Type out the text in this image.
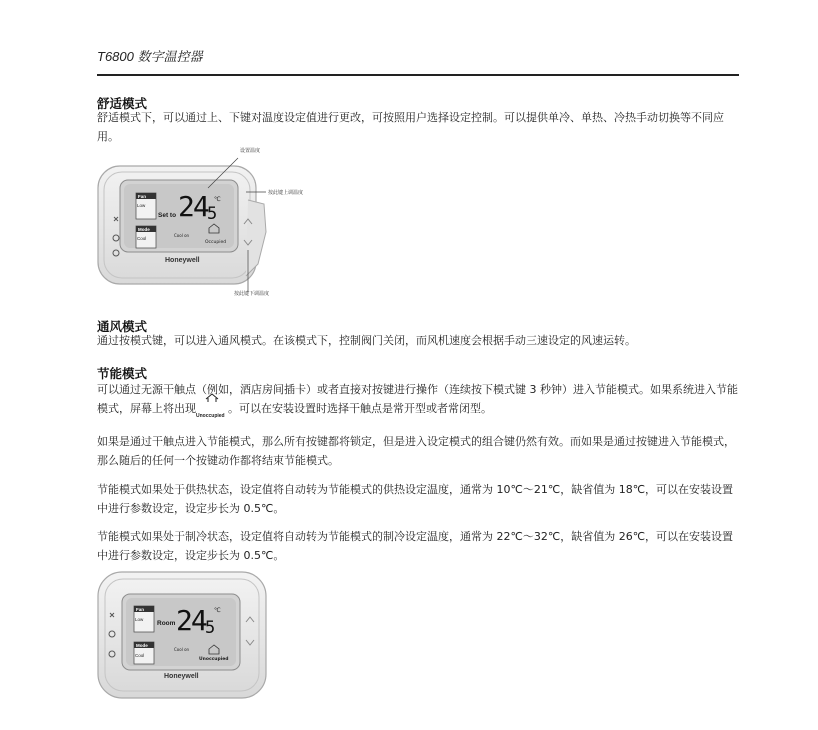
T6800 数字温控器
舒适模式
舒适模式下，可以通过上、下键对温度设定值进行更改，可按照用户选择设定控制。可以提供单冷、单热、冷热手动切换等不同应用。
Fan
Low
Mode
Cool
Set to 24 5
℃
Cool on
Occupied
Honeywell
设置温度
按此键上调温度
按此键下调温度
通风模式
通过按模式键，可以进入通风模式。在该模式下，控制阀门关闭，而风机速度会根据手动三速设定的风速运转。
节能模式
可以通过无源干触点（例如，酒店房间插卡）或者直接对按键进行操作（连续按下模式键 3 秒钟）进入节能模式。如果系统进入节能模式，屏幕上将出现
Unoccupied
。可以在安装设置时选择干触点是常开型或者常闭型。
如果是通过干触点进入节能模式，那么所有按键都将锁定，但是进入设定模式的组合键仍然有效。而如果是通过按键进入节能模式，那么随后的任何一个按键动作都将结束节能模式。
节能模式如果处于供热状态，设定值将自动转为节能模式的供热设定温度，通常为 10℃～21℃，缺省值为 18℃，可以在安装设置中进行参数设定，设定步长为 0.5℃。
节能模式如果处于制冷状态，设定值将自动转为节能模式的制冷设定温度，通常为 22℃～32℃，缺省值为 26℃，可以在安装设置中进行参数设定，设定步长为 0.5℃。
Fan
Low
Mode
Cool
Room 24 5
℃
Cool on
Unoccupied
Honeywell
